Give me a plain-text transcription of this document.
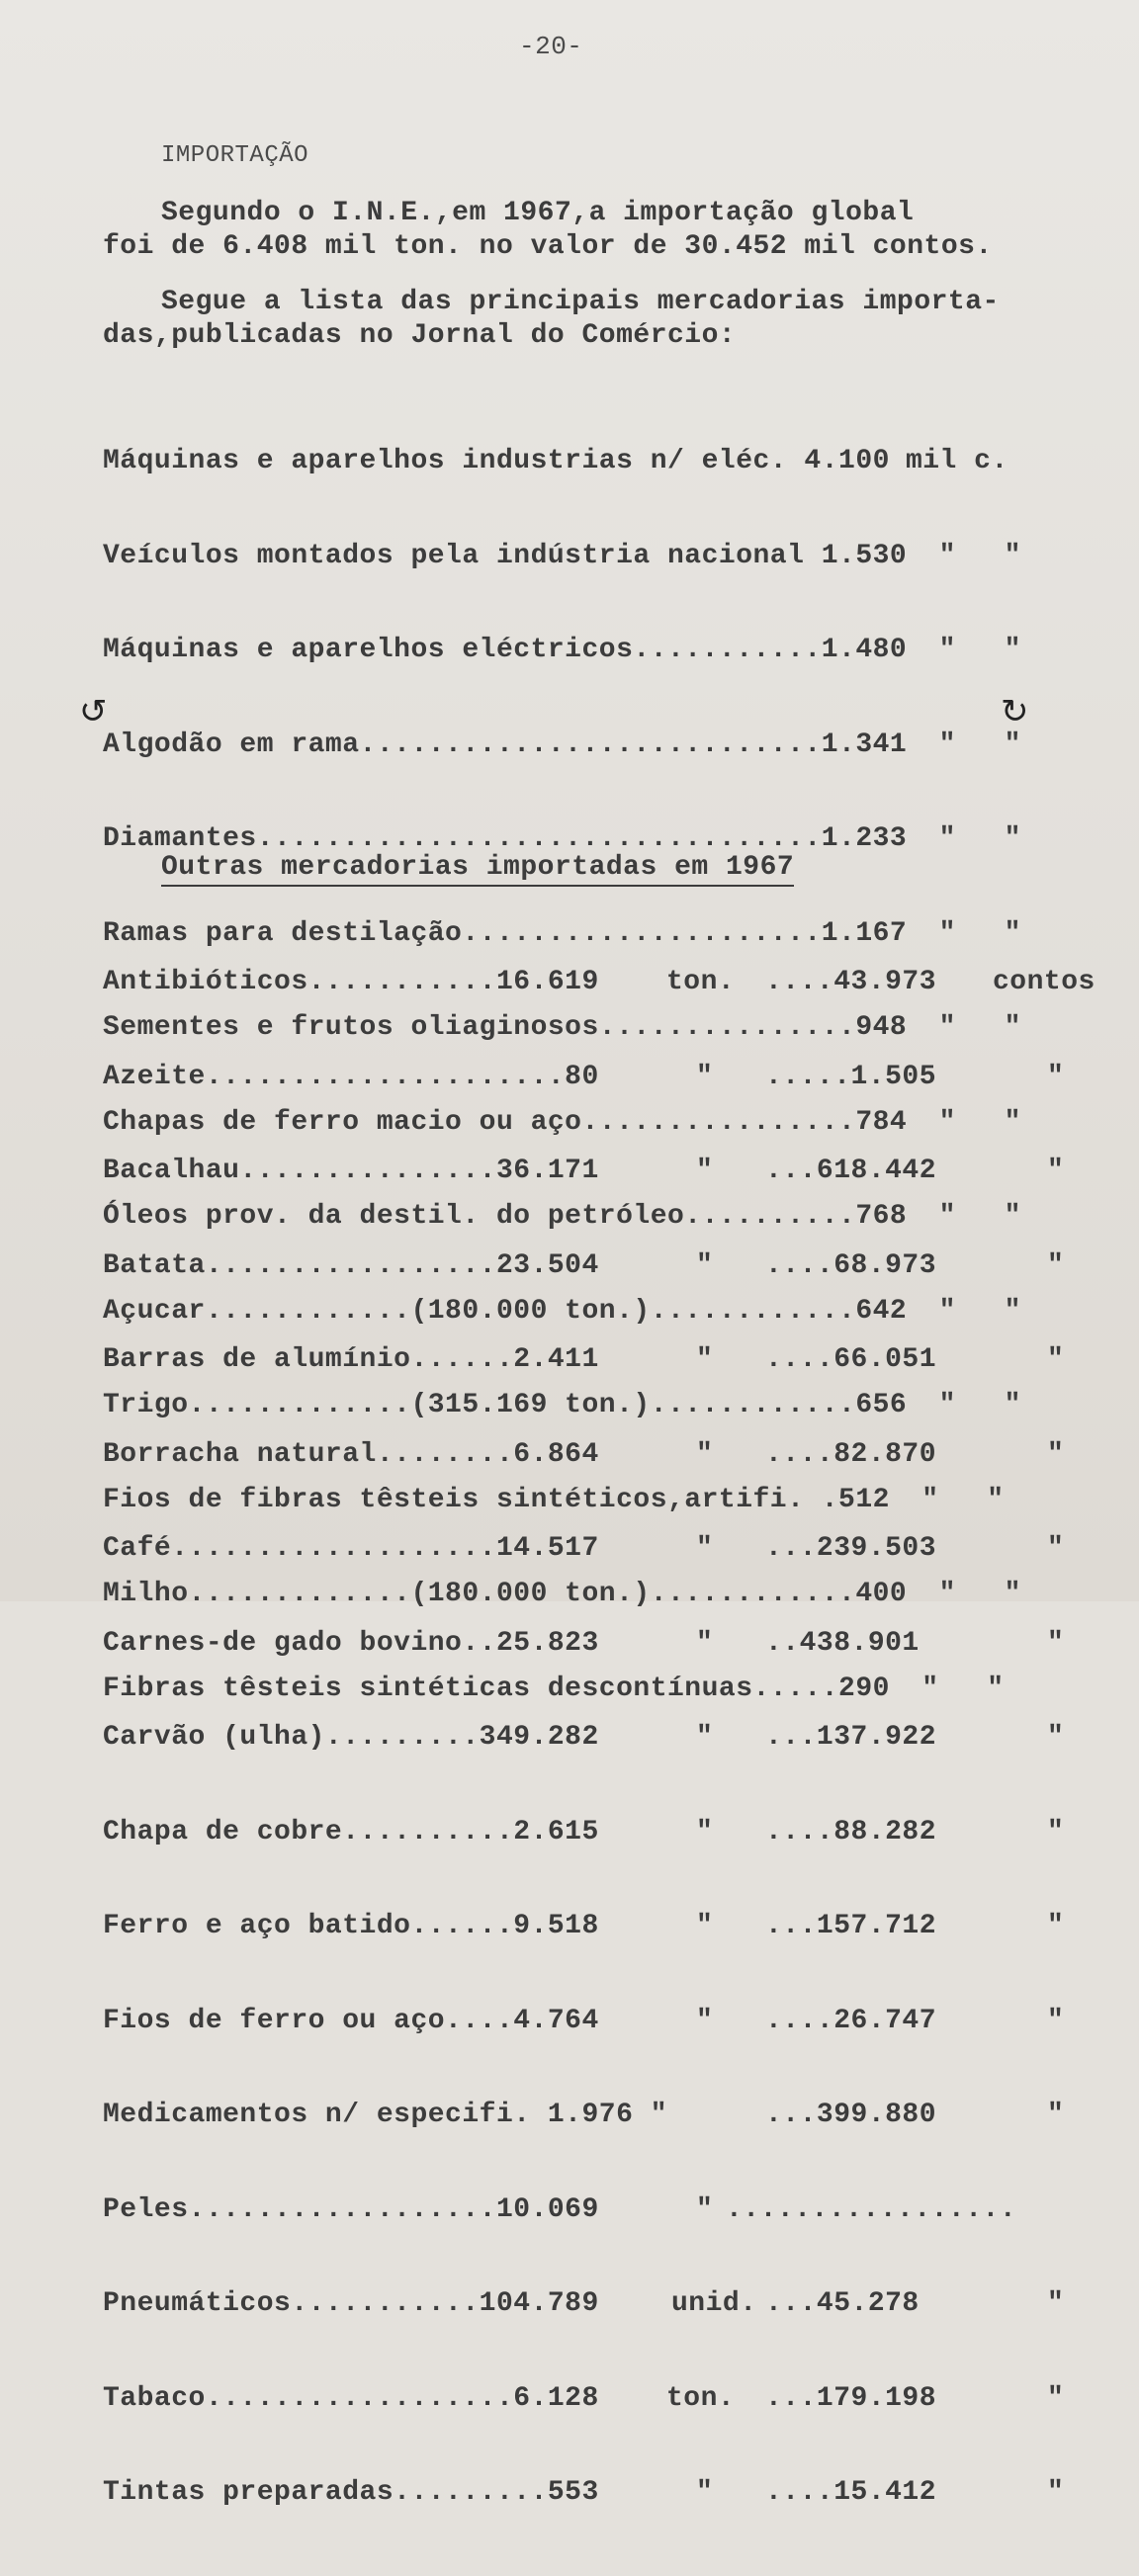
-20-
IMPORTAÇÃO
Segundo o I.N.E.,em 1967,a importação global
foi de 6.408 mil ton. no valor de 30.452 mil contos.
Segue a lista das principais mercadorias importa-
das,publicadas no Jornal do Comércio:

Máquinas e aparelhos industrias n/ eléc. 4.100 mil c.

Veículos montados pela indústria nacional 1.530	"	"

Máquinas e aparelhos eléctricos...........1.480	"	"

Algodão em rama...........................1.341	"	"

Diamantes.................................1.233	"	"

Ramas para destilação.....................1.167	"	"

Sementes e frutos oliaginosos...............948	"	"

Chapas de ferro macio ou aço................784	"	"

Óleos prov. da destil. do petróleo..........768	"	"

Açucar............(180.000 ton.)............642	"	"

Trigo.............(315.169 ton.)............656	"	"

Fios de fibras têsteis sintéticos,artifi. .512	"	"

Milho.............(180.000 ton.)............400	"	"

Fibras têsteis sintéticas descontínuas.....290	"	"

↺	↻
Outras mercadorias importadas em 1967

Antibióticos...........16.619 ton. ....43.973 contos

Azeite.....................80	" .....1.505	"

Bacalhau...............36.171	" ...618.442	"

Batata.................23.504	" ....68.973	"

Barras de alumínio......2.411	" ....66.051	"

Borracha natural........6.864	" ....82.870	"

Café...................14.517	" ...239.503	"

Carnes-de gado bovino..25.823	" ..438.901	"

Carvão (ulha).........349.282	" ...137.922	"

Chapa de cobre..........2.615	" ....88.282	"

Ferro e aço batido......9.518	" ...157.712	"

Fios de ferro ou aço....4.764	" ....26.747	"

Medicamentos n/ especifi. 1.976 "	...399.880	"

Peles..................10.069	" .................

Pneumáticos...........104.789	unid. ...45.278	"

Tabaco..................6.128 ton. ...179.198	"

Tintas preparadas.........553	" ....15.412	"
